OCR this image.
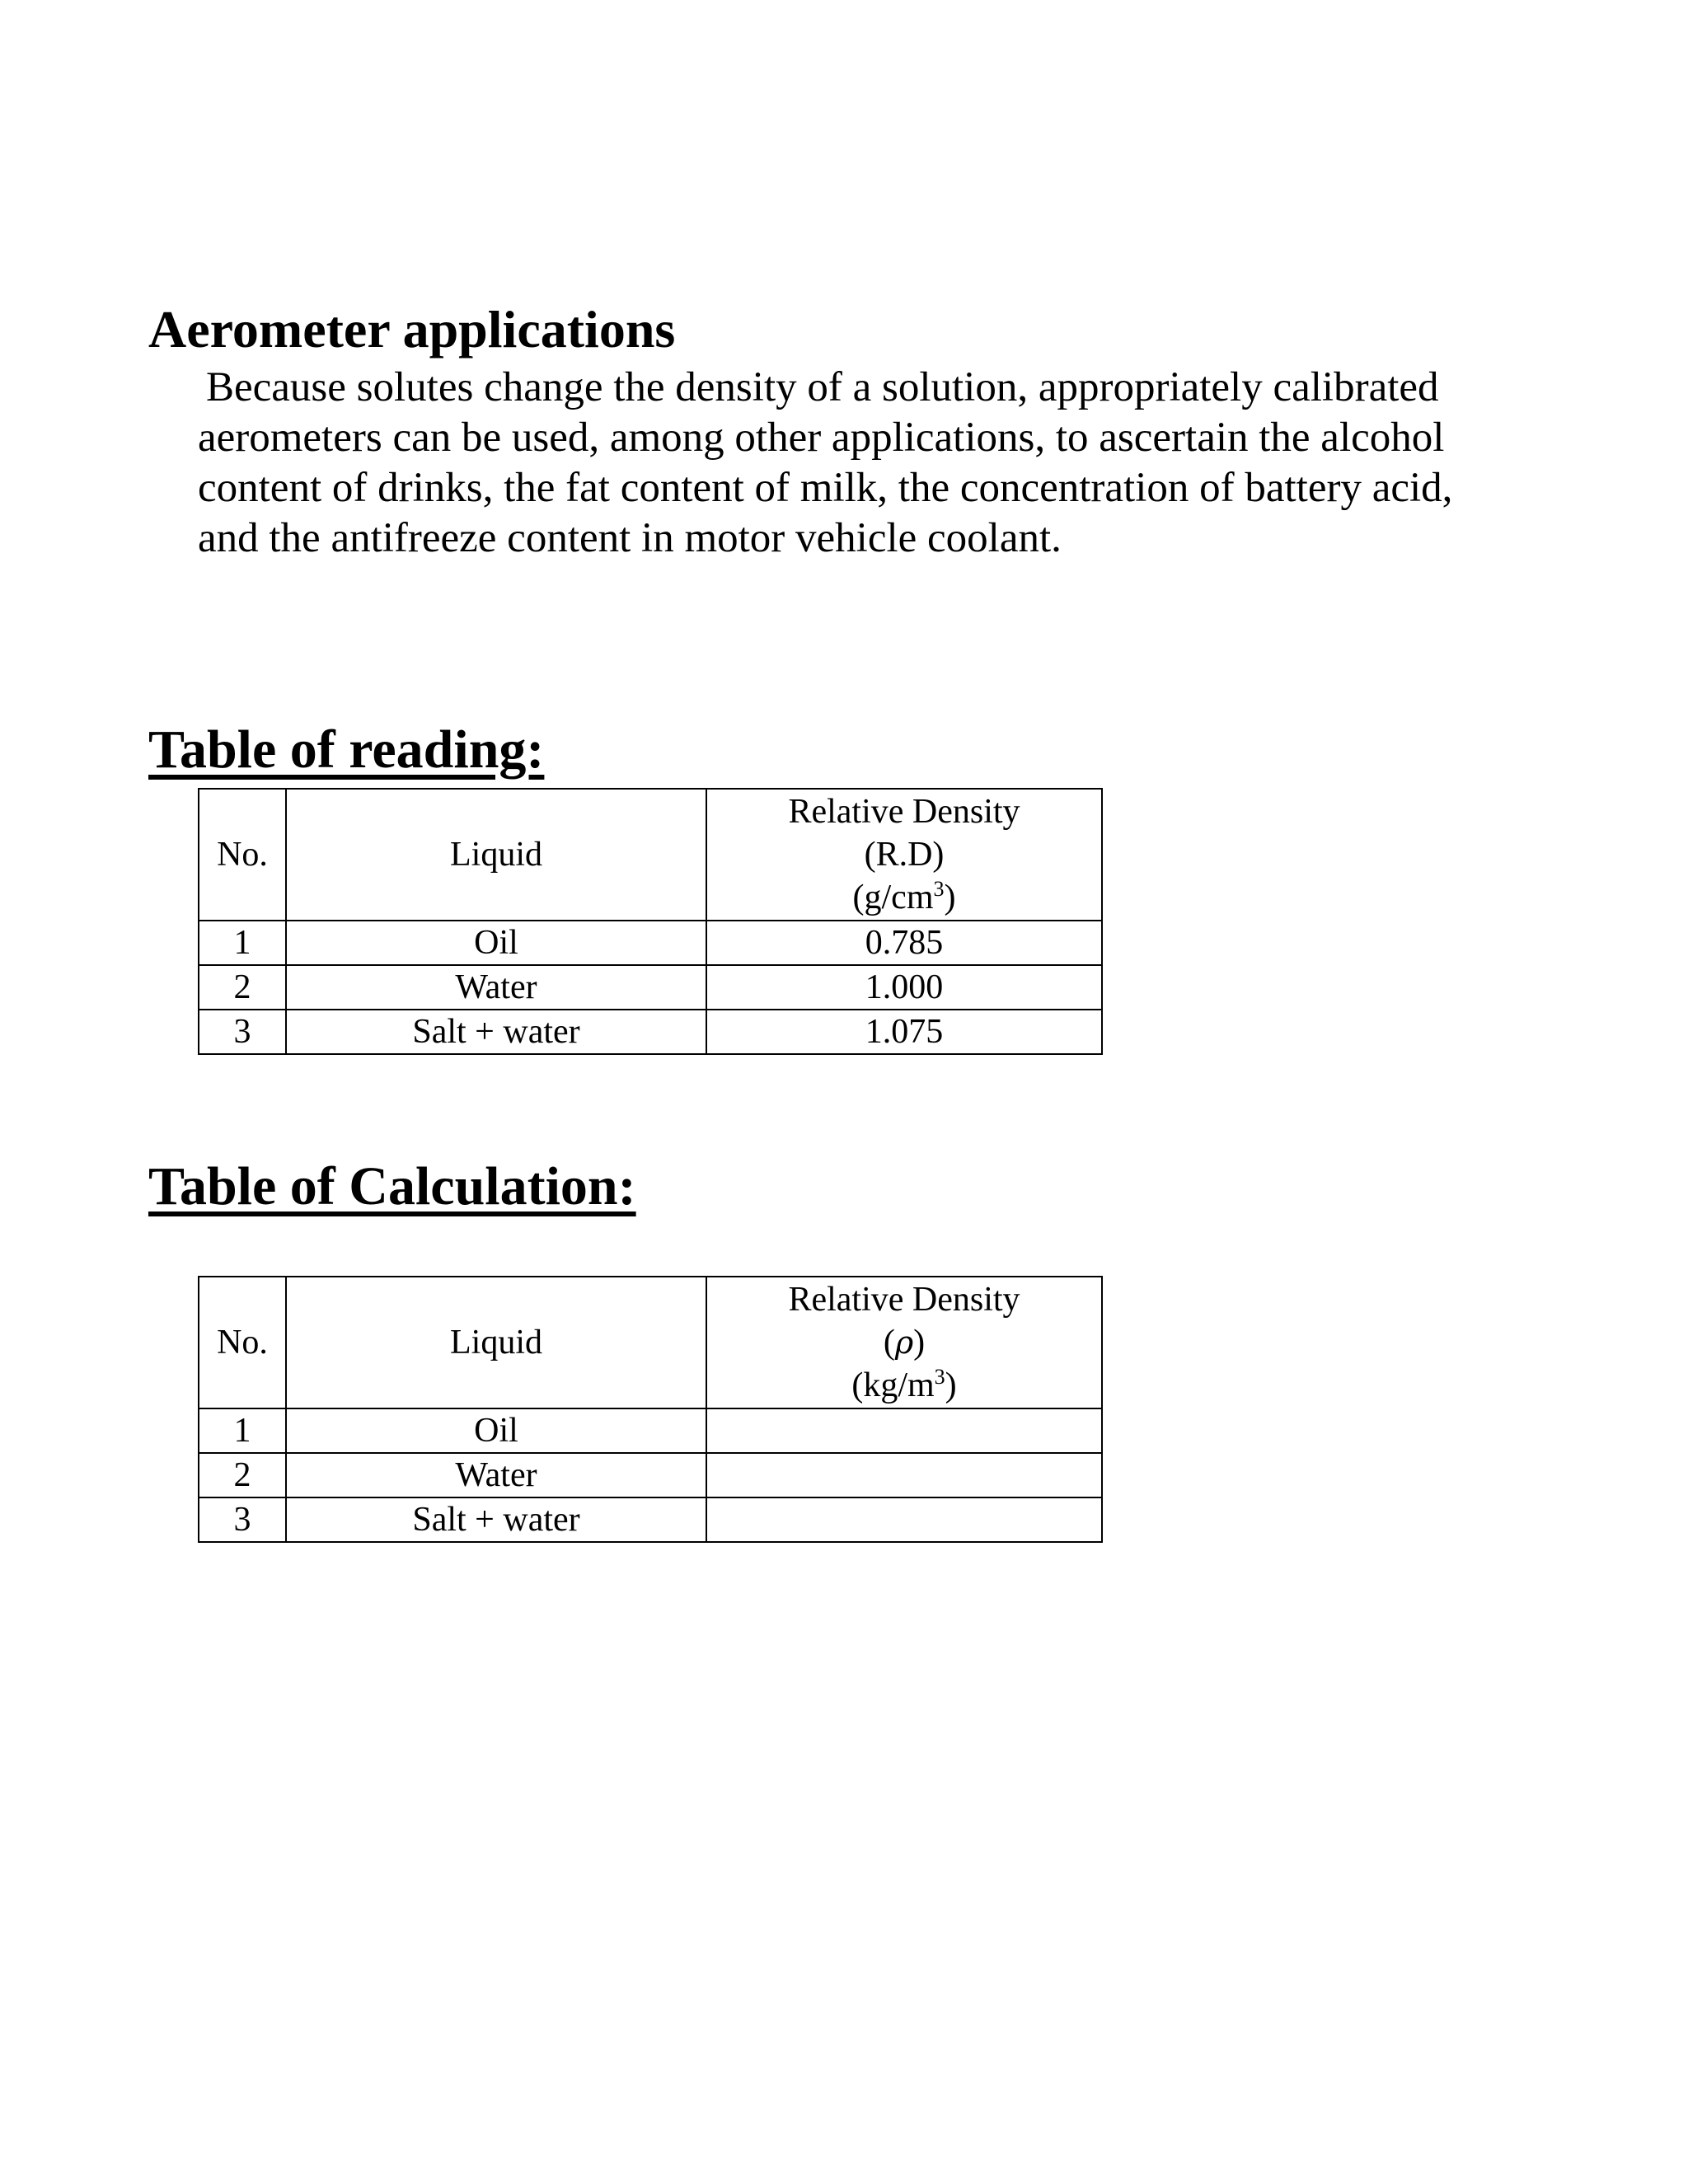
Aerometer applications

Because solutes change the density of a solution, appropriately calibrated
aerometers can be used, among other applications, to ascertain the alcohol
content of drinks, the fat content of milk, the concentration of battery acid,
and the antifreeze content in motor vehicle coolant.

Table of reading:
No.	Liquid	Relative Density
(R.D)
$(g/cm^3)$

1	Oil	0.785
2	Water	1.000
3	Salt + water	1.075
Table of Calculation:
No.	Liquid	Relative Density
(ρ)
$(kg/m^3)$

1	Oil	
2	Water	
3	Salt + water	
